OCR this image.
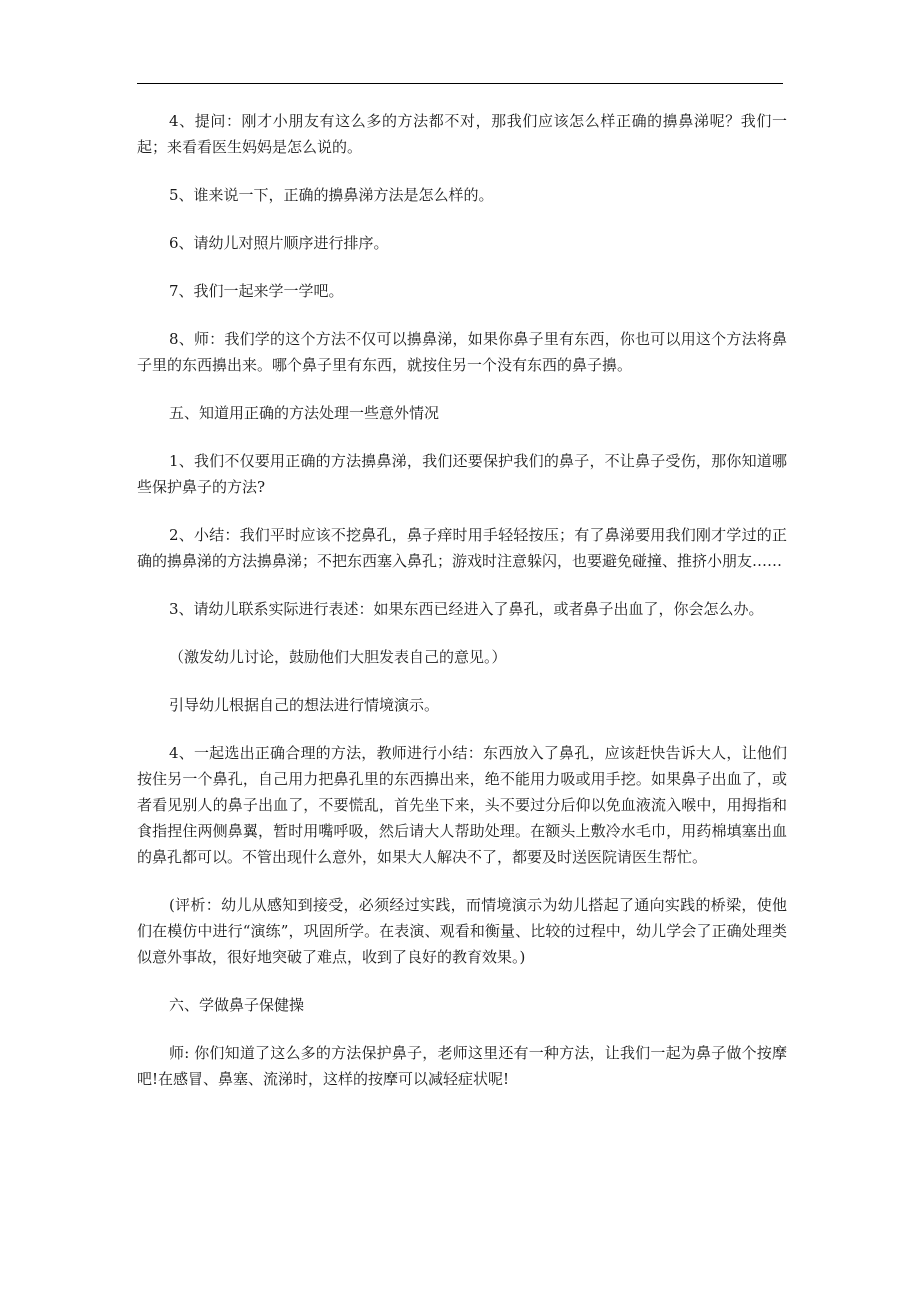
4、提问：刚才小朋友有这么多的方法都不对，那我们应该怎么样正确的擤鼻涕呢？我们一起；来看看医生妈妈是怎么说的。

5、谁来说一下，正确的擤鼻涕方法是怎么样的。

6、请幼儿对照片顺序进行排序。

7、我们一起来学一学吧。

8、师：我们学的这个方法不仅可以擤鼻涕，如果你鼻子里有东西，你也可以用这个方法将鼻子里的东西擤出来。哪个鼻子里有东西，就按住另一个没有东西的鼻子擤。

五、知道用正确的方法处理一些意外情况

1、我们不仅要用正确的方法擤鼻涕，我们还要保护我们的鼻子，不让鼻子受伤，那你知道哪些保护鼻子的方法?

2、小结：我们平时应该不挖鼻孔，鼻子痒时用手轻轻按压；有了鼻涕要用我们刚才学过的正确的擤鼻涕的方法擤鼻涕；不把东西塞入鼻孔；游戏时注意躲闪，也要避免碰撞、推挤小朋友……

3、请幼儿联系实际进行表述：如果东西已经进入了鼻孔，或者鼻子出血了，你会怎么办。

（激发幼儿讨论，鼓励他们大胆发表自己的意见。）

引导幼儿根据自己的想法进行情境演示。

4、一起选出正确合理的方法，教师进行小结：东西放入了鼻孔，应该赶快告诉大人，让他们按住另一个鼻孔，自己用力把鼻孔里的东西擤出来，绝不能用力吸或用手挖。如果鼻子出血了，或者看见别人的鼻子出血了，不要慌乱，首先坐下来，头不要过分后仰以免血液流入喉中，用拇指和食指捏住两侧鼻翼，暂时用嘴呼吸，然后请大人帮助处理。在额头上敷冷水毛巾，用药棉填塞出血的鼻孔都可以。不管出现什么意外，如果大人解决不了，都要及时送医院请医生帮忙。

(评析：幼儿从感知到接受，必须经过实践，而情境演示为幼儿搭起了通向实践的桥梁，使他们在模仿中进行“演练”，巩固所学。在表演、观看和衡量、比较的过程中，幼儿学会了正确处理类似意外事故，很好地突破了难点，收到了良好的教育效果。)

六、学做鼻子保健操

师: 你们知道了这么多的方法保护鼻子，老师这里还有一种方法，让我们一起为鼻子做个按摩吧!在感冒、鼻塞、流涕时，这样的按摩可以减轻症状呢!
